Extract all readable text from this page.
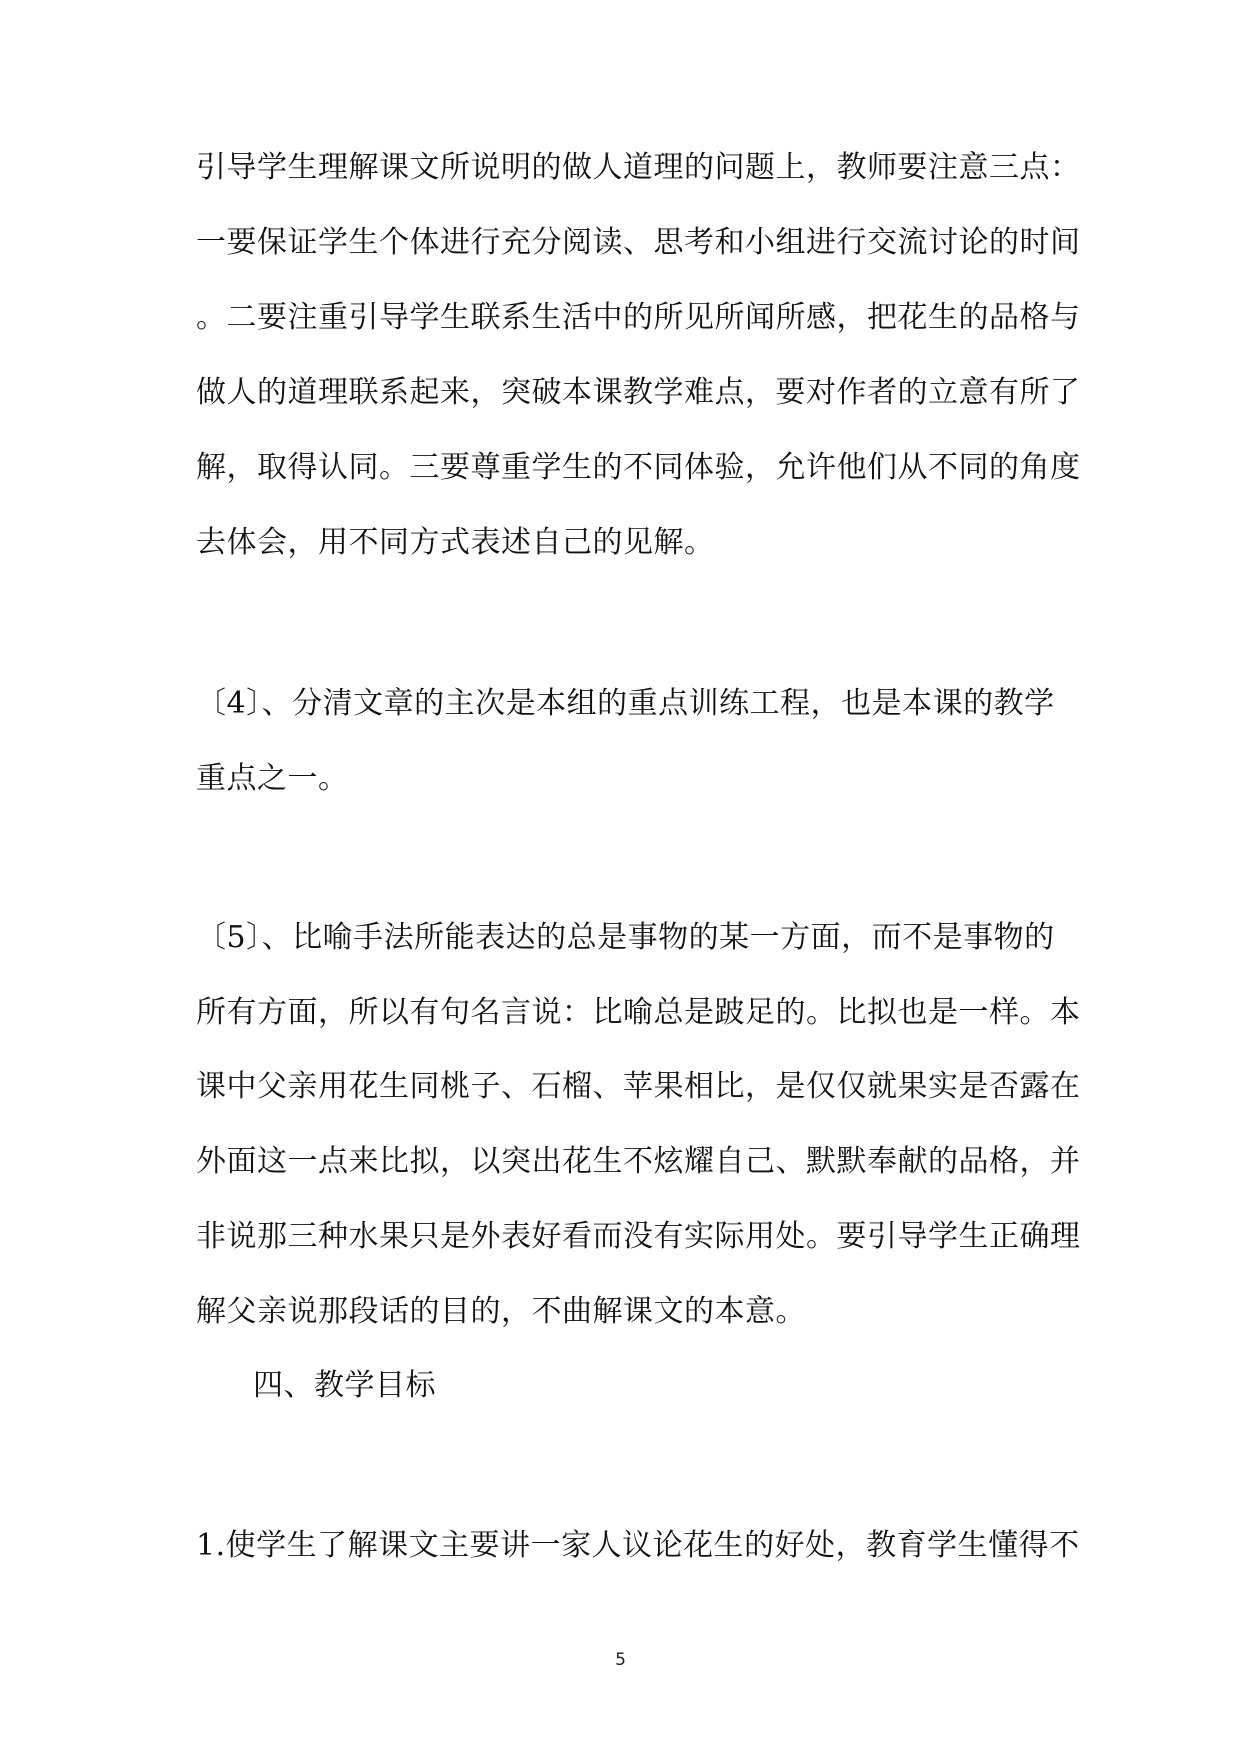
引导学生理解课文所说明的做人道理的问题上，教师要注意三点：
一要保证学生个体进行充分阅读、思考和小组进行交流讨论的时间
。二要注重引导学生联系生活中的所见所闻所感，把花生的品格与
做人的道理联系起来，突破本课教学难点，要对作者的立意有所了
解，取得认同。三要尊重学生的不同体验，允许他们从不同的角度
去体会，用不同方式表述自己的见解。
〔4〕、分清文章的主次是本组的重点训练工程，也是本课的教学
重点之一。
〔5〕、比喻手法所能表达的总是事物的某一方面，而不是事物的
所有方面，所以有句名言说：比喻总是跛足的。比拟也是一样。本
课中父亲用花生同桃子、石榴、苹果相比，是仅仅就果实是否露在
外面这一点来比拟，以突出花生不炫耀自己、默默奉献的品格，并
非说那三种水果只是外表好看而没有实际用处。要引导学生正确理
解父亲说那段话的目的，不曲解课文的本意。
四、教学目标
1.使学生了解课文主要讲一家人议论花生的好处，教育学生懂得不
5
